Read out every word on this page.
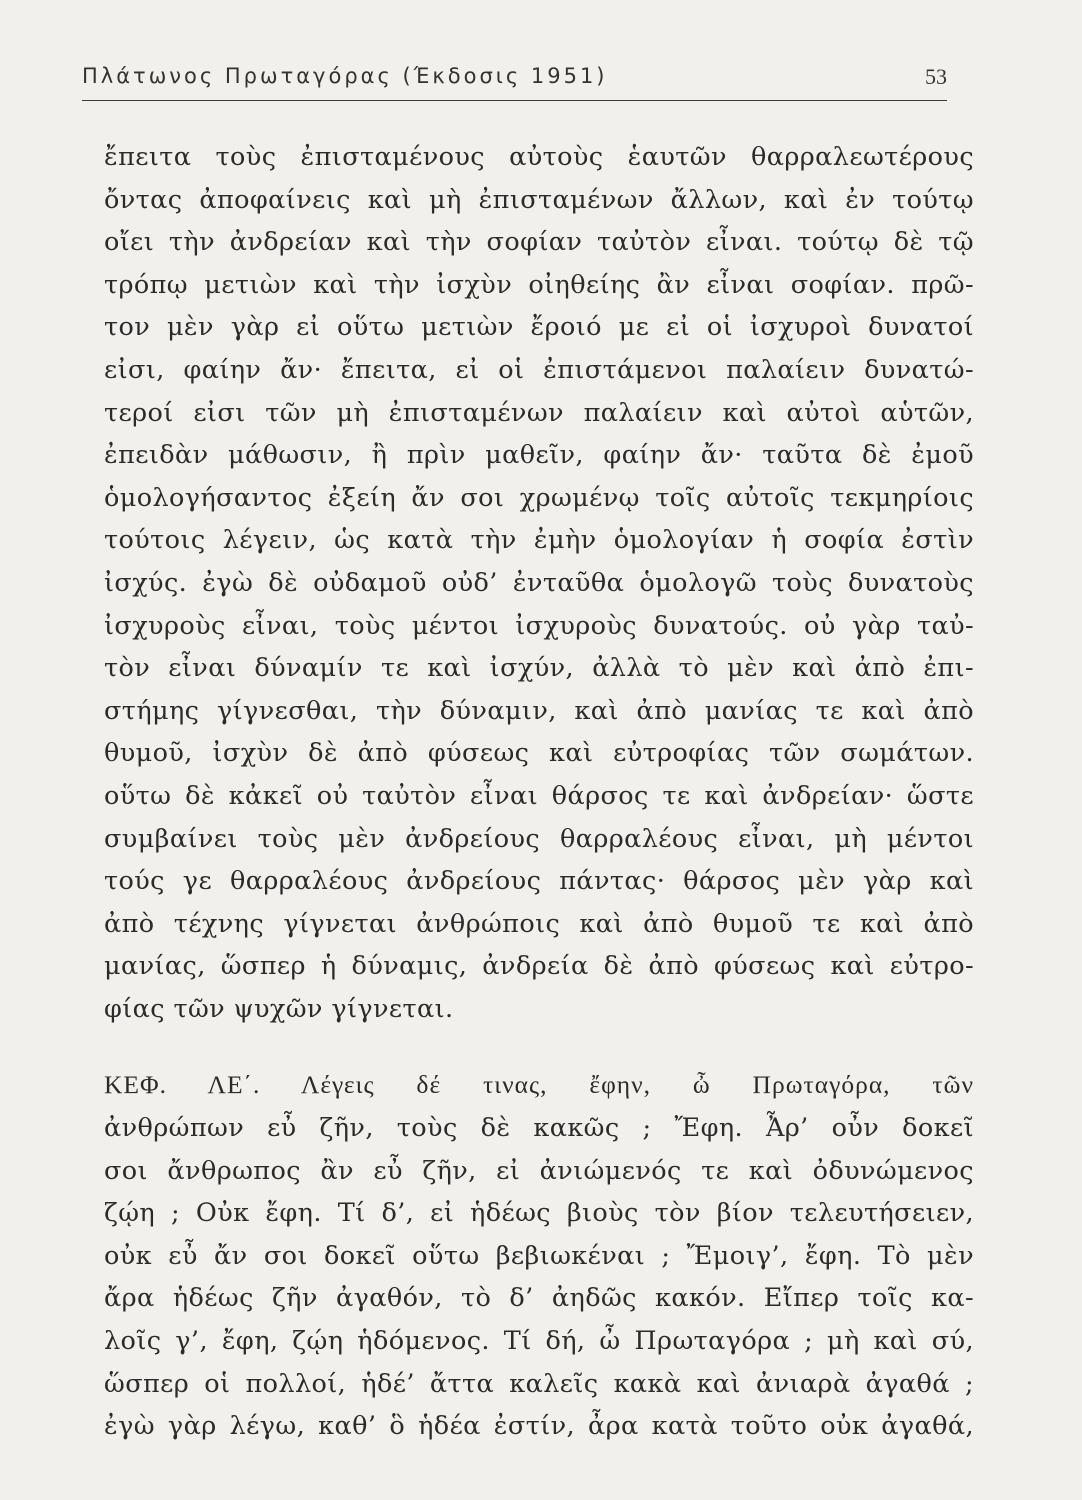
Πλάτωνος Πρωταγόρας (Έκδοσις 1951)	53
ἔπειτα τοὺς ἐπισταμένους αὐτοὺς ἑαυτῶν θαρραλεωτέρους
ὄντας ἀποφαίνεις καὶ μὴ ἐπισταμένων ἄλλων, καὶ ἐν τούτῳ
οἴει τὴν ἀνδρείαν καὶ τὴν σοφίαν ταὐτὸν εἶναι. τούτῳ δὲ τῷ
τρόπῳ μετιὼν καὶ τὴν ἰσχὺν οἰηθείης ἂν εἶναι σοφίαν. πρῶ-
τον μὲν γὰρ εἰ οὕτω μετιὼν ἔροιό με εἰ οἱ ἰσχυροὶ δυνατοί
εἰσι, φαίην ἄν· ἔπειτα, εἰ οἱ ἐπιστάμενοι παλαίειν δυνατώ-
τεροί εἰσι τῶν μὴ ἐπισταμένων παλαίειν καὶ αὐτοὶ αὑτῶν,
ἐπειδὰν μάθωσιν, ἢ πρὶν μαθεῖν, φαίην ἄν· ταῦτα δὲ ἐμοῦ
ὁμολογήσαντος ἐξείη ἄν σοι χρωμένῳ τοῖς αὐτοῖς τεκμηρίοις
τούτοις λέγειν, ὡς κατὰ τὴν ἐμὴν ὁμολογίαν ἡ σοφία ἐστὶν
ἰσχύς. ἐγὼ δὲ οὐδαμοῦ οὐδ’ ἐνταῦθα ὁμολογῶ τοὺς δυνατοὺς
ἰσχυροὺς εἶναι, τοὺς μέντοι ἰσχυροὺς δυνατούς. οὐ γὰρ ταὐ-
τὸν εἶναι δύναμίν τε καὶ ἰσχύν, ἀλλὰ τὸ μὲν καὶ ἀπὸ ἐπι-
στήμης γίγνεσθαι, τὴν δύναμιν, καὶ ἀπὸ μανίας τε καὶ ἀπὸ
θυμοῦ, ἰσχὺν δὲ ἀπὸ φύσεως καὶ εὐτροφίας τῶν σωμάτων.
οὕτω δὲ κἀκεῖ οὐ ταὐτὸν εἶναι θάρσος τε καὶ ἀνδρείαν· ὥστε
συμβαίνει τοὺς μὲν ἀνδρείους θαρραλέους εἶναι, μὴ μέντοι
τούς γε θαρραλέους ἀνδρείους πάντας· θάρσος μὲν γὰρ καὶ
ἀπὸ τέχνης γίγνεται ἀνθρώποις καὶ ἀπὸ θυμοῦ τε καὶ ἀπὸ
μανίας, ὥσπερ ἡ δύναμις, ἀνδρεία δὲ ἀπὸ φύσεως καὶ εὐτρο-
φίας τῶν ψυχῶν γίγνεται.
ΚΕΦ. ΛΕ΄. Λέγεις δέ τινας, ἔφην, ὦ Πρωταγόρα, τῶν
ἀνθρώπων εὖ ζῆν, τοὺς δὲ κακῶς ; Ἔφη. Ἆρ’ οὖν δοκεῖ
σοι ἄνθρωπος ἂν εὖ ζῆν, εἰ ἀνιώμενός τε καὶ ὀδυνώμενος
ζῴη ; Οὐκ ἔφη. Τί δ’, εἰ ἡδέως βιοὺς τὸν βίον τελευτήσειεν,
οὐκ εὖ ἄν σοι δοκεῖ οὕτω βεβιωκέναι ; Ἔμοιγ’, ἔφη. Τὸ μὲν
ἄρα ἡδέως ζῆν ἀγαθόν, τὸ δ’ ἀηδῶς κακόν. Εἴπερ τοῖς κα-
λοῖς γ’, ἔφη, ζῴη ἡδόμενος. Τί δή, ὦ Πρωταγόρα ; μὴ καὶ σύ,
ὥσπερ οἱ πολλοί, ἡδέ’ ἄττα καλεῖς κακὰ καὶ ἀνιαρὰ ἀγαθά ;
ἐγὼ γὰρ λέγω, καθ’ ὃ ἡδέα ἐστίν, ἆρα κατὰ τοῦτο οὐκ ἀγαθά,
